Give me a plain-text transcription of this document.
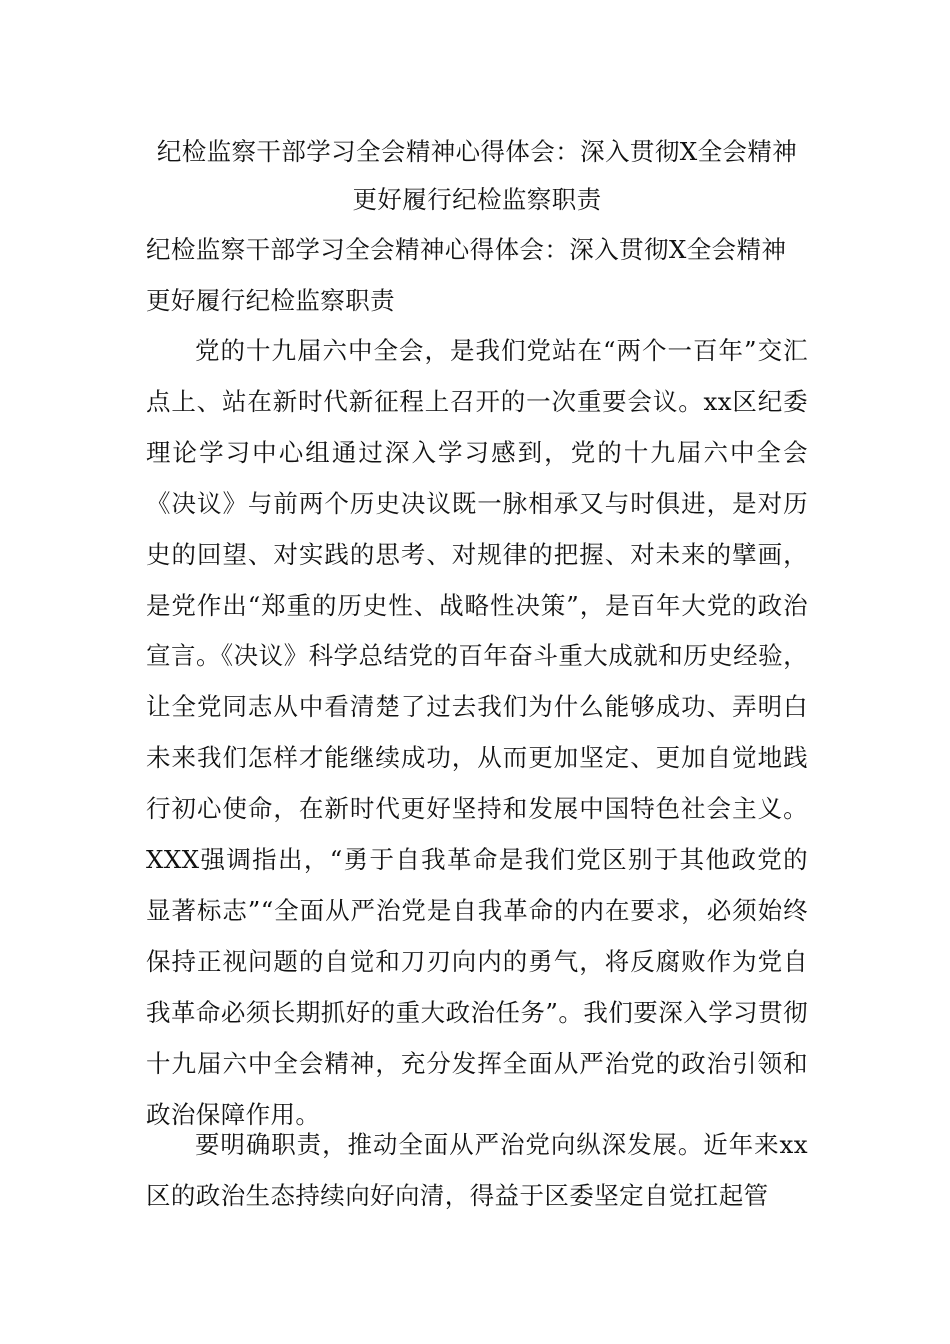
纪检监察干部学习全会精神心得体会：深入贯彻X全会精神更好履行纪检监察职责

纪检监察干部学习全会精神心得体会：深入贯彻X全会精神更好履行纪检监察职责

党的十九届六中全会，是我们党站在“两个一百年”交汇点上、站在新时代新征程上召开的一次重要会议。xx区纪委理论学习中心组通过深入学习感到，党的十九届六中全会《决议》与前两个历史决议既一脉相承又与时俱进，是对历史的回望、对实践的思考、对规律的把握、对未来的擘画，是党作出“郑重的历史性、战略性决策”，是百年大党的政治宣言。《决议》科学总结党的百年奋斗重大成就和历史经验，让全党同志从中看清楚了过去我们为什么能够成功、弄明白未来我们怎样才能继续成功，从而更加坚定、更加自觉地践行初心使命，在新时代更好坚持和发展中国特色社会主义。XXX强调指出，“勇于自我革命是我们党区别于其他政党的显著标志”“全面从严治党是自我革命的内在要求，必须始终保持正视问题的自觉和刀刃向内的勇气，将反腐败作为党自我革命必须长期抓好的重大政治任务”。我们要深入学习贯彻十九届六中全会精神，充分发挥全面从严治党的政治引领和政治保障作用。

要明确职责，推动全面从严治党向纵深发展。近年来xx区的政治生态持续向好向清，得益于区委坚定自觉扛起管
